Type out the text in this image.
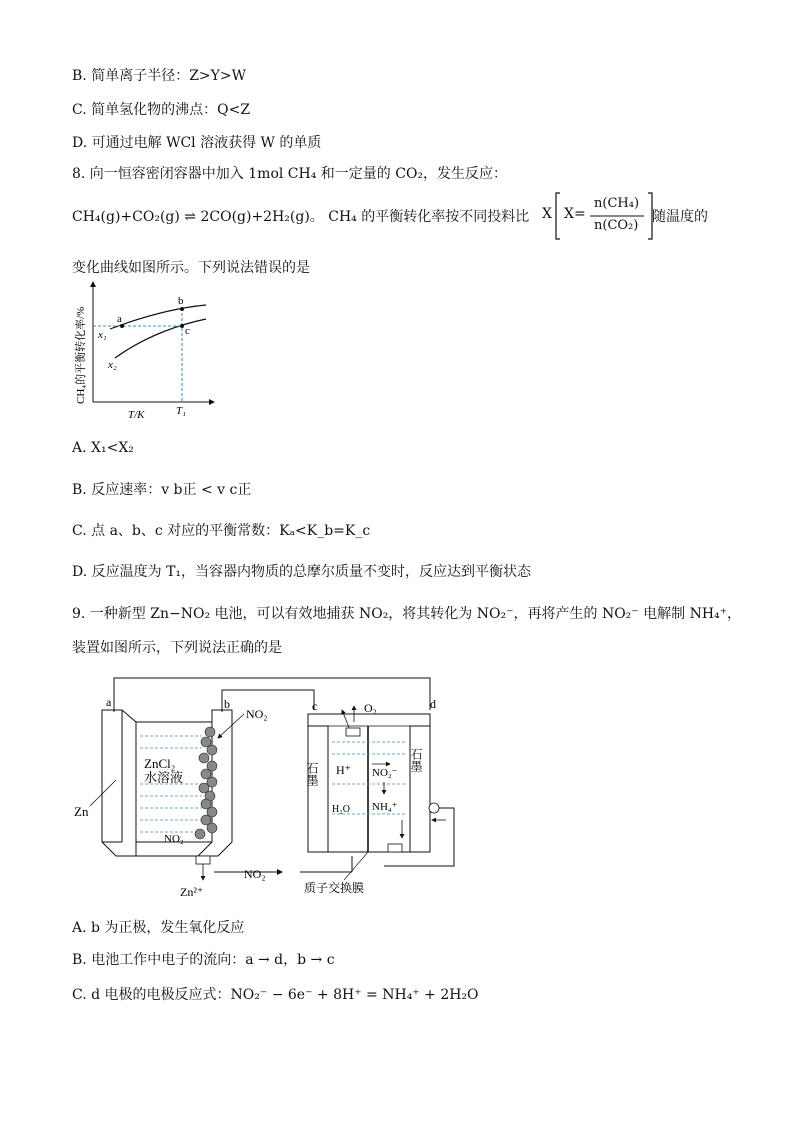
B. 简单离子半径：Z>Y>W
C. 简单氢化物的沸点：Q<Z
D. 可通过电解 WCl 溶液获得 W 的单质
8. 向一恒容密闭容器中加入 1mol CH₄ 和一定量的 CO₂，发生反应：
CH₄(g)+CO₂(g) ⇌ 2CO(g)+2H₂(g)。 CH₄ 的平衡转化率按不同投料比 X X=
n(CH₄)
n(CO₂)
随温度的
变化曲线如图所示。下列说法错误的是
a
b
c
x₁
x₂
T/K	T₁
CH₄的平衡转化率/%
A. X₁<X₂
B. 反应速率：v b正 < v c正
C. 点 a、b、c 对应的平衡常数：Kₐ<K_b=K_c
D. 反应温度为 T₁，当容器内物质的总摩尔质量不变时，反应达到平衡状态
9. 一种新型 Zn−NO₂ 电池，可以有效地捕获 NO₂，将其转化为 NO₂⁻，再将产生的 NO₂⁻ 电解制 NH₄⁺，
装置如图所示，下列说法正确的是
a	b	c	d
Zn
NO₂
ZnCl₂
水溶液
NO₂
Zn²⁺
NO₂⁻
质子交换膜
O₂
石墨
石墨
H⁺
H₂O
NO₂⁻
NH₄⁺
A. b 为正极，发生氧化反应
B. 电池工作中电子的流向：a → d，b → c
C. d 电极的电极反应式：NO₂⁻ − 6e⁻ + 8H⁺ = NH₄⁺ + 2H₂O
